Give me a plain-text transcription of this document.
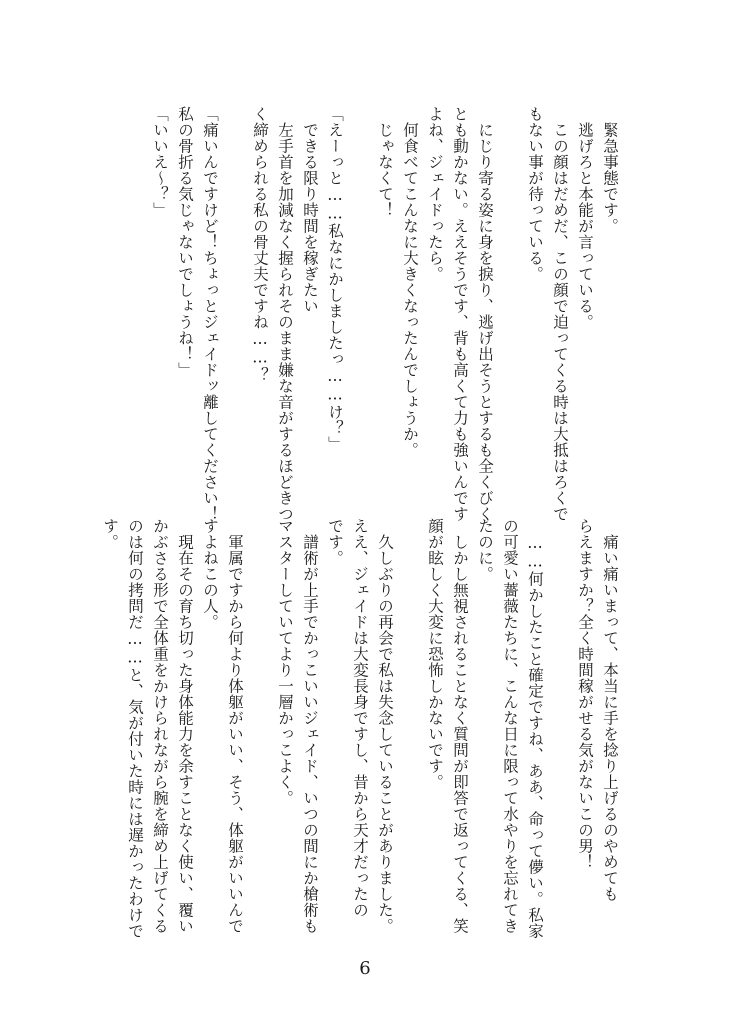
緊急事態です。

逃げろと本能が言っている。

この顔はだめだ、この顔で迫ってくる時は大抵はろくで

もない事が待っている。

にじり寄る姿に身を捩り、逃げ出そうとするも全くびく

とも動かない。ええそうです、背も高くて力も強いんです

よね、ジェイドったら。

何食べてこんなに大きくなったんでしょうか。

じゃなくて！

「えーっと……私なにかしましたっ……け？」

できる限り時間を稼ぎたい

左手首を加減なく握られそのまま嫌な音がするほどきつ

く締められる私の骨丈夫ですね……？

「痛いんですけど！ちょっとジェイドッ離してください！

私の骨折る気じゃないでしょうね！」

「いいえ～？」

痛い痛いまって、本当に手を捻り上げるのやめても

らえますか？全く時間稼がせる気がないこの男！

……何かしたこと確定ですね、ああ、命って儚い。私家

の可愛い薔薇たちに、こんな日に限って水やりを忘れてき

たのに。

しかし無視されることなく質問が即答で返ってくる、笑

顔が眩しく大変に恐怖しかないです。

久しぶりの再会で私は失念していることがありました。

ええ、ジェイドは大変長身ですし、昔から天才だったの

です。

譜術が上手でかっこいいジェイド、いつの間にか槍術も

マスターしていてより一層かっこよく。

軍属ですから何より体躯がいい、そう、体躯がいいんで

すよねこの人。

現在その育ち切った身体能力を余すことなく使い、覆い

かぶさる形で全体重をかけられながら腕を締め上げてくる

のは何の拷問だ……と、気が付いた時には遅かったわけで

す。

6
